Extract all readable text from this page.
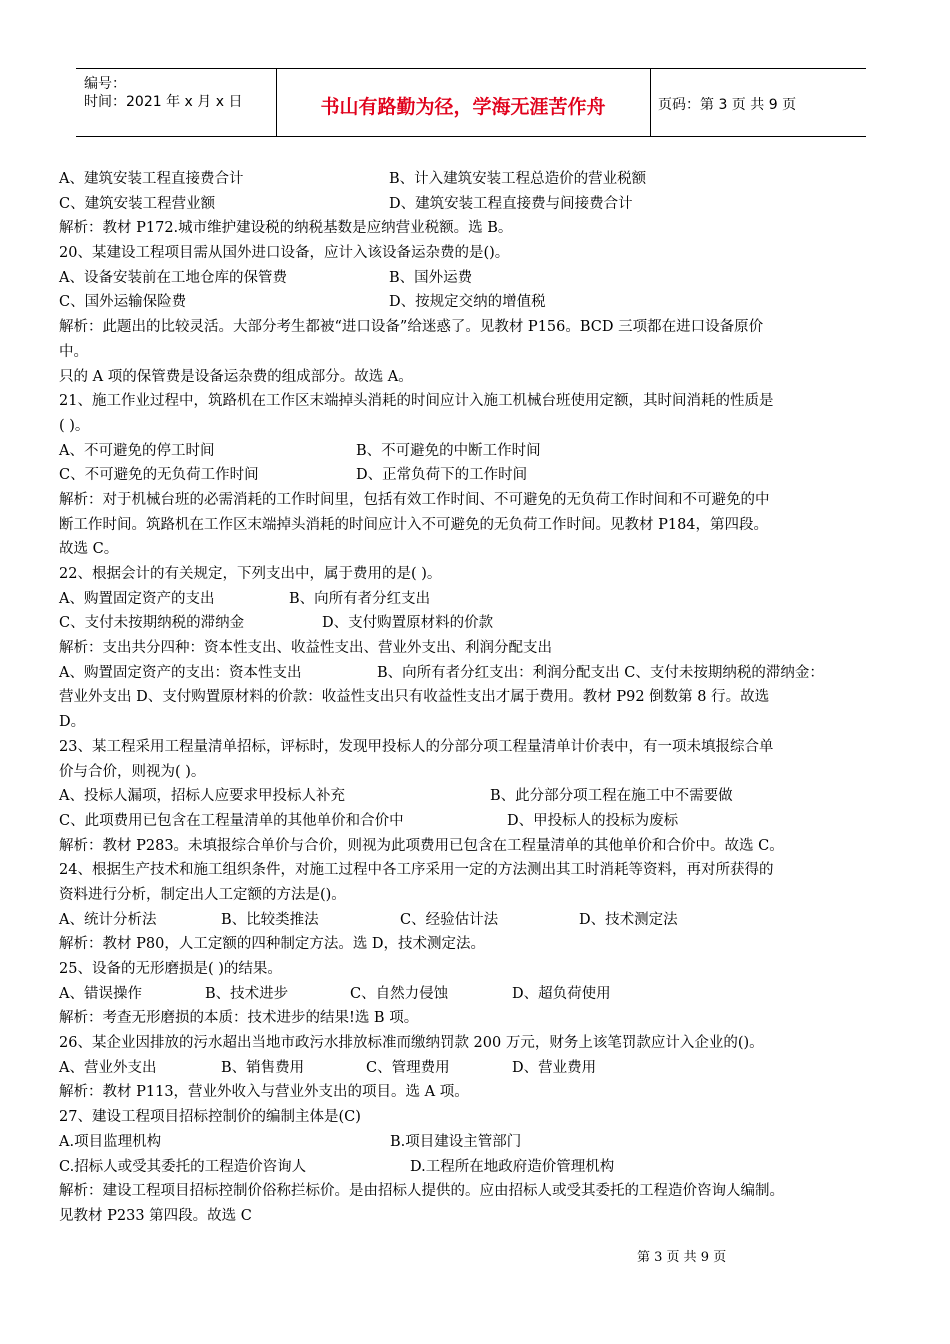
编号：
时间：2021 年 x 月 x 日	书山有路勤为径，学海无涯苦作舟	页码：第 3 页 共 9 页
A、建筑安装工程直接费合计	B、计入建筑安装工程总造价的营业税额
C、建筑安装工程营业额	D、建筑安装工程直接费与间接费合计
解析：教材 P172.城市维护建设税的纳税基数是应纳营业税额。选 B。
20、某建设工程项目需从国外进口设备，应计入该设备运杂费的是()。
A、设备安装前在工地仓库的保管费	B、国外运费
C、国外运输保险费	D、按规定交纳的增值税
解析：此题出的比较灵活。大部分考生都被“进口设备”给迷惑了。见教材 P156。BCD 三项都在进口设备原价
中。
只的 A 项的保管费是设备运杂费的组成部分。故选 A。
21、施工作业过程中，筑路机在工作区末端掉头消耗的时间应计入施工机械台班使用定额，其时间消耗的性质是
( )。
A、不可避免的停工时间	B、不可避免的中断工作时间
C、不可避免的无负荷工作时间	D、正常负荷下的工作时间
解析：对于机械台班的必需消耗的工作时间里，包括有效工作时间、不可避免的无负荷工作时间和不可避免的中
断工作时间。筑路机在工作区末端掉头消耗的时间应计入不可避免的无负荷工作时间。见教材 P184，第四段。
故选 C。
22、根据会计的有关规定，下列支出中，属于费用的是( )。
A、购置固定资产的支出	B、向所有者分红支出
C、支付未按期纳税的滞纳金	D、支付购置原材料的价款
解析：支出共分四种：资本性支出、收益性支出、营业外支出、利润分配支出
A、购置固定资产的支出：资本性支出	B、向所有者分红支出：利润分配支出 C、支付未按期纳税的滞纳金：
营业外支出 D、支付购置原材料的价款：收益性支出只有收益性支出才属于费用。教材 P92 倒数第 8 行。故选
D。
23、某工程采用工程量清单招标，评标时，发现甲投标人的分部分项工程量清单计价表中，有一项未填报综合单
价与合价，则视为( )。
A、投标人漏项，招标人应要求甲投标人补充	B、此分部分项工程在施工中不需要做
C、此项费用已包含在工程量清单的其他单价和合价中	D、甲投标人的投标为废标
解析：教材 P283。未填报综合单价与合价，则视为此项费用已包含在工程量清单的其他单价和合价中。故选 C。
24、根据生产技术和施工组织条件，对施工过程中各工序采用一定的方法测出其工时消耗等资料，再对所获得的
资料进行分析，制定出人工定额的方法是()。
A、统计分析法	B、比较类推法	C、经验估计法	D、技术测定法
解析：教材 P80，人工定额的四种制定方法。选 D，技术测定法。
25、设备的无形磨损是( )的结果。
A、错误操作	B、技术进步	C、自然力侵蚀	D、超负荷使用
解析：考查无形磨损的本质：技术进步的结果!选 B 项。
26、某企业因排放的污水超出当地市政污水排放标准而缴纳罚款 200 万元，财务上该笔罚款应计入企业的()。
A、营业外支出	B、销售费用	C、管理费用	D、营业费用
解析：教材 P113，营业外收入与营业外支出的项目。选 A 项。
27、建设工程项目招标控制价的编制主体是(C)
A.项目监理机构	B.项目建设主管部门
C.招标人或受其委托的工程造价咨询人	D.工程所在地政府造价管理机构
解析：建设工程项目招标控制价俗称拦标价。是由招标人提供的。应由招标人或受其委托的工程造价咨询人编制。
见教材 P233 第四段。故选 C
第 3 页 共 9 页
